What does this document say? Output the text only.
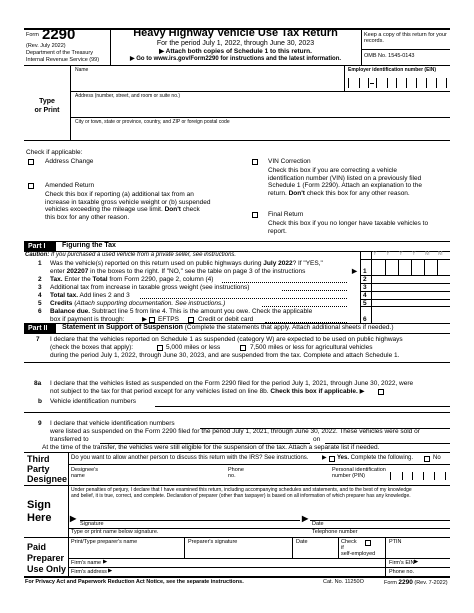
Form 2290
(Rev. July 2022)
Department of the Treasury
Internal Revenue Service (99)
Heavy Highway Vehicle Use Tax Return
For the period July 1, 2022, through June 30, 2023
▶ Attach both copies of Schedule 1 to this return.
▶ Go to www.irs.gov/Form2290 for instructions and the latest information.
Keep a copy of this return for your records.
OMB No. 1545-0143
Type
or Print
Name	Employer identification number (EIN)
Address (number, street, and room or suite no.)
City or town, state or province, country, and ZIP or foreign postal code
Check if applicable:
Address Change
Amended Return
Check this box if reporting (a) additional tax from an
increase in taxable gross vehicle weight or (b) suspended
vehicles exceeding the mileage use limit. Don't check
this box for any other reason.
VIN Correction
Check this box if you are correcting a vehicle
identification number (VIN) listed on a previously filed
Schedule 1 (Form 2290). Attach an explanation to the
return. Don't check this box for any other reason.
Final Return
Check this box if you no longer have taxable vehicles to
report.
Part I	Figuring the Tax
Caution: If you purchased a used vehicle from a private seller, see instructions.	Y Y Y Y M M
1 Was the vehicle(s) reported on this return used on public highways during July 2022? If "YES,"
enter 202207 in the boxes to the right. If "NO," see the table on page 3 of the instructions	▶ 1
2 Tax. Enter the Total from Form 2290, page 2, column (4)	2
3 Additional tax from increase in taxable gross weight (see instructions)	3
4 Total tax. Add lines 2 and 3	4
5 Credits (Attach supporting documentation. See instructions.)	5
6 Balance due. Subtract line 5 from line 4. This is the amount you owe. Check the applicable
box if payment is through:	▶ EFTPS	Credit or debit card	6
Part II	Statement in Support of Suspension (Complete the statements that apply. Attach additional sheets if needed.)
7 I declare that the vehicles reported on Schedule 1 as suspended (category W) are expected to be used on public highways
(check the boxes that apply):	5,000 miles or less	7,500 miles or less for agricultural vehicles
during the period July 1, 2022, through June 30, 2023, and are suspended from the tax. Complete and attach Schedule 1.
8a I declare that the vehicles listed as suspended on the Form 2290 filed for the period July 1, 2021, through June 30, 2022, were
not subject to the tax for that period except for any vehicles listed on line 8b. Check this box if applicable. ▶
b Vehicle identification numbers
9 I declare that vehicle identification numbers
were listed as suspended on the Form 2290 filed for the period July 1, 2021, through June 30, 2022. These vehicles were sold or
transferred to	on
At the time of the transfer, the vehicles were still eligible for the suspension of the tax. Attach a separate list if needed.
Third
Party
Designee
Do you want to allow another person to discuss this return with the IRS? See instructions. ▶ Yes. Complete the following.	No
Designee's
name
Phone
no.
Personal identification
number (PIN)
Sign
Here
Under penalties of perjury, I declare that I have examined this return, including accompanying schedules and statements, and to the best of my knowledge
and belief, it is true, correct, and complete. Declaration of preparer (other than taxpayer) is based on all information of which preparer has any knowledge.
▶
Signature
▶
Date
Type or print name below signature.	Telephone number
Paid
Preparer
Use Only
Print/Type preparer's name	Preparer's signature	Date	Check
if
self-employed
PTIN
Firm's name ▶	Firm's EIN ▶
Firm's address ▶	Phone no.
For Privacy Act and Paperwork Reduction Act Notice, see the separate instructions.	Cat. No. 11250O	Form 2290 (Rev. 7-2022)
